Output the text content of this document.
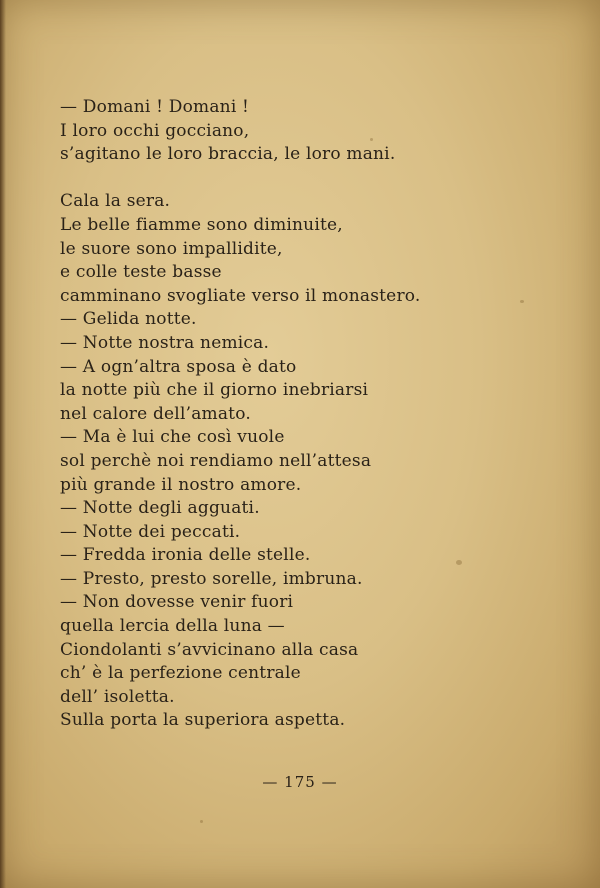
— Domani ! Domani !
I loro occhi gocciano,
s’agitano le loro braccia, le loro mani.
Cala la sera.
Le belle fiamme sono diminuite,
le suore sono impallidite,
e colle teste basse
camminano svogliate verso il monastero.
— Gelida notte.
— Notte nostra nemica.
— A ogn’altra sposa è dato
la notte più che il giorno inebriarsi
nel calore dell’amato.
— Ma è lui che così vuole
sol perchè noi rendiamo nell’attesa
più grande il nostro amore.
— Notte degli agguati.
— Notte dei peccati.
— Fredda ironia delle stelle.
— Presto, presto sorelle, imbruna.
— Non dovesse venir fuori
quella lercia della luna —
Ciondolanti s’avvicinano alla casa
ch’ è la perfezione centrale
dell’ isoletta.
Sulla porta la superiora aspetta.
— 175 —
